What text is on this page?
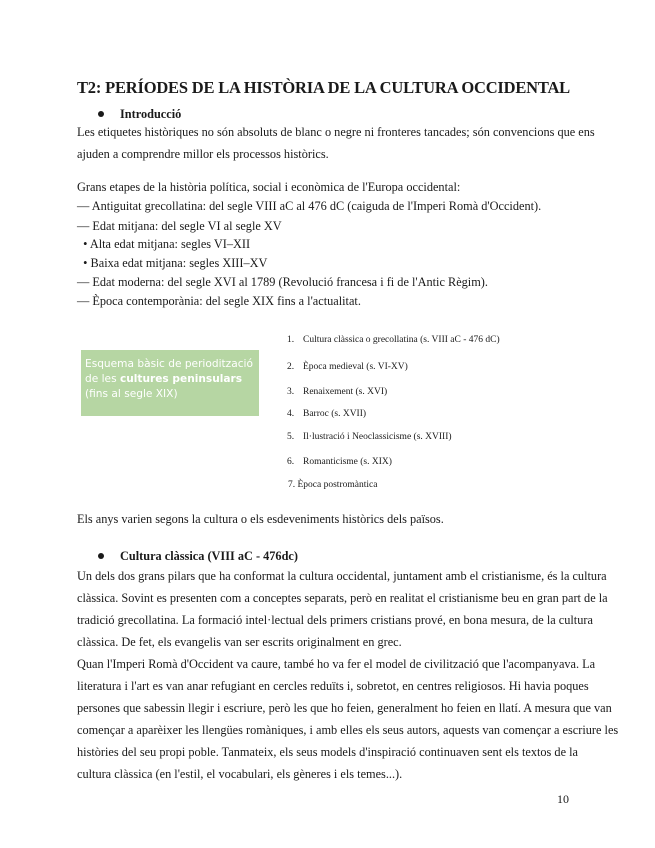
T2: PERÍODES DE LA HISTÒRIA DE LA CULTURA OCCIDENTAL
Introducció
Les etiquetes històriques no són absoluts de blanc o negre ni fronteres tancades; són convencions que ens
ajuden a comprendre millor els processos històrics.
Grans etapes de la història política, social i econòmica de l'Europa occidental:
— Antiguitat grecollatina: del segle VIII aC al 476 dC (caiguda de l'Imperi Romà d'Occident).
— Edat mitjana: del segle VI al segle XV
• Alta edat mitjana: segles VI–XII
• Baixa edat mitjana: segles XIII–XV
— Edat moderna: del segle XVI al 1789 (Revolució francesa i fi de l'Antic Règim).
— Època contemporània: del segle XIX fins a l'actualitat.
Esquema bàsic de periodització
de les cultures peninsulars
(fins al segle XIX)
1. Cultura clàssica o grecollatina (s. VIII aC - 476 dC)
2. Època medieval (s. VI-XV)
3. Renaixement (s. XVI)
4. Barroc (s. XVII)
5. Il·lustració i Neoclassicisme (s. XVIII)
6. Romanticisme (s. XIX)
7. Època postromàntica
Els anys varien segons la cultura o els esdeveniments històrics dels països.
Cultura clàssica (VIII aC - 476dc)
Un dels dos grans pilars que ha conformat la cultura occidental, juntament amb el cristianisme, és la cultura
clàssica. Sovint es presenten com a conceptes separats, però en realitat el cristianisme beu en gran part de la
tradició grecollatina. La formació intel·lectual dels primers cristians prové, en bona mesura, de la cultura
clàssica. De fet, els evangelis van ser escrits originalment en grec.
Quan l'Imperi Romà d'Occident va caure, també ho va fer el model de civilització que l'acompanyava. La
literatura i l'art es van anar refugiant en cercles reduïts i, sobretot, en centres religiosos. Hi havia poques
persones que sabessin llegir i escriure, però les que ho feien, generalment ho feien en llatí. A mesura que van
començar a aparèixer les llengües romàniques, i amb elles els seus autors, aquests van començar a escriure les
històries del seu propi poble. Tanmateix, els seus models d'inspiració continuaven sent els textos de la
cultura clàssica (en l'estil, el vocabulari, els gèneres i els temes...).
10
